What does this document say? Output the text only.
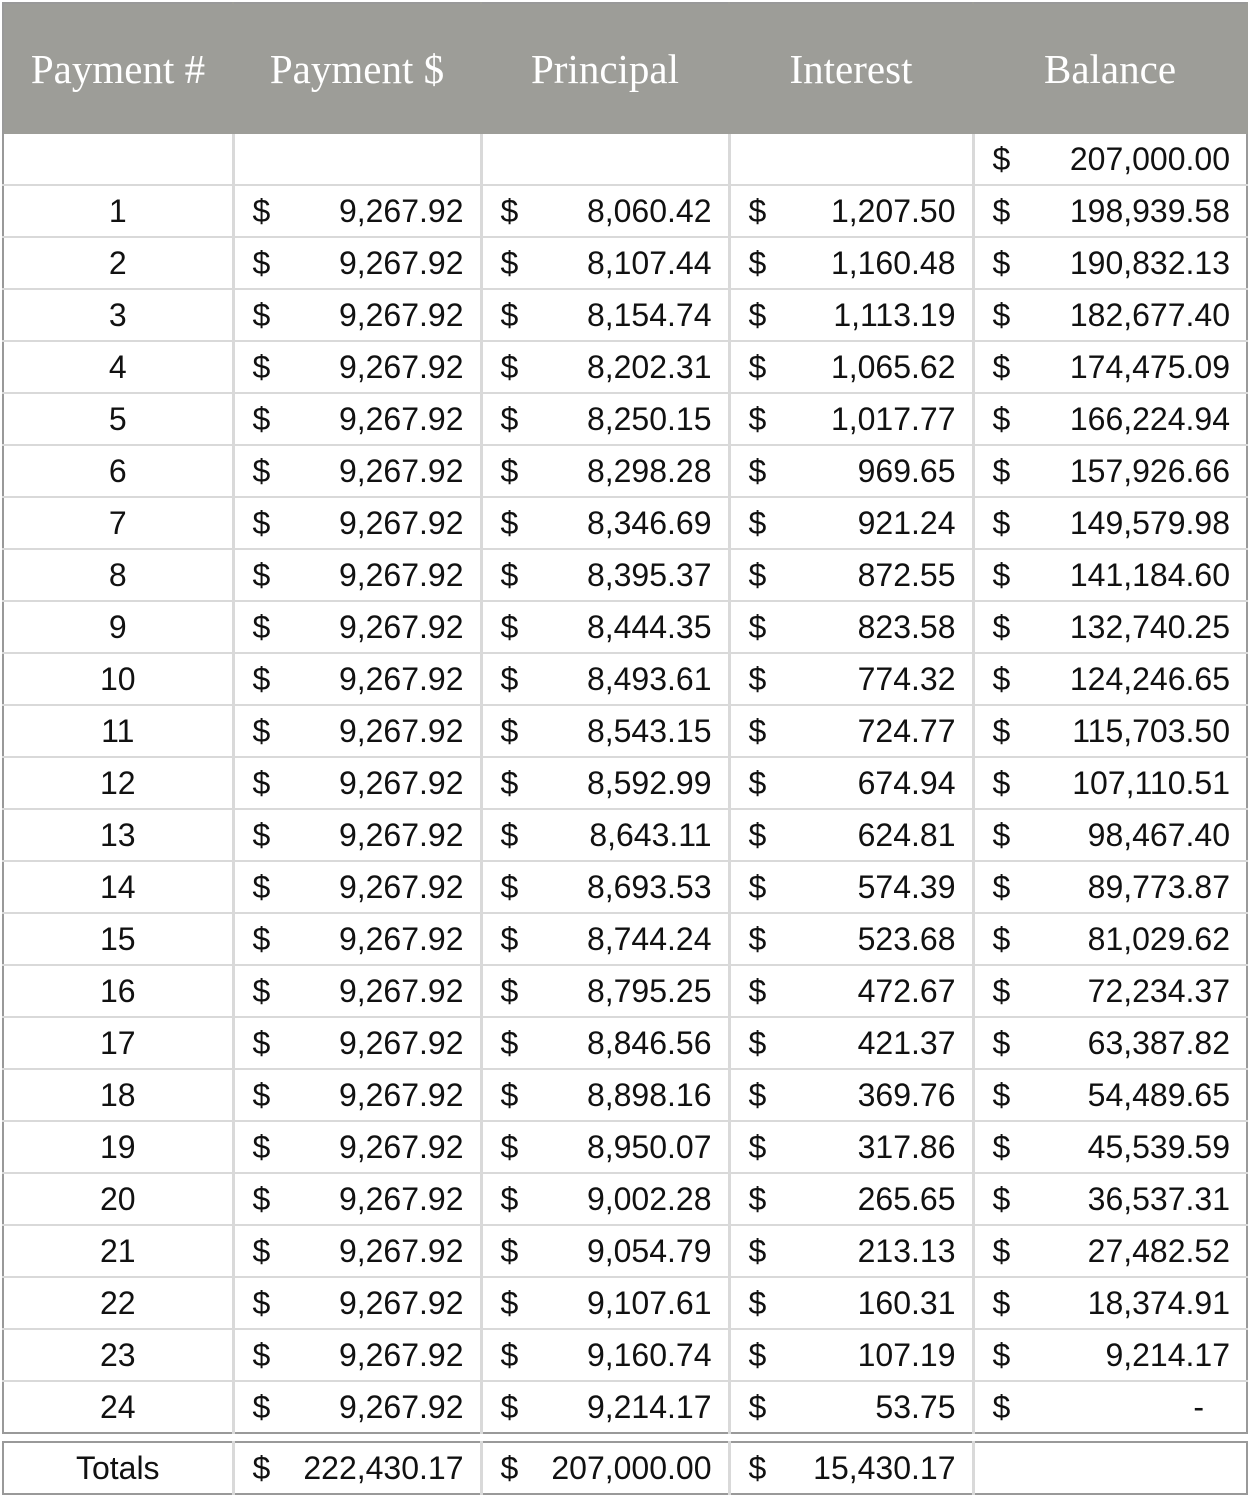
Payment #	Payment $	Principal	Interest	Balance

				$ 207,000.00

1	$ 9,267.92	$ 8,060.42	$ 1,207.50	$ 198,939.58

2	$ 9,267.92	$ 8,107.44	$ 1,160.48	$ 190,832.13

3	$ 9,267.92	$ 8,154.74	$ 1,113.19	$ 182,677.40

4	$ 9,267.92	$ 8,202.31	$ 1,065.62	$ 174,475.09

5	$ 9,267.92	$ 8,250.15	$ 1,017.77	$ 166,224.94

6	$ 9,267.92	$ 8,298.28	$ 969.65	$ 157,926.66

7	$ 9,267.92	$ 8,346.69	$ 921.24	$ 149,579.98

8	$ 9,267.92	$ 8,395.37	$ 872.55	$ 141,184.60

9	$ 9,267.92	$ 8,444.35	$ 823.58	$ 132,740.25

10	$ 9,267.92	$ 8,493.61	$ 774.32	$ 124,246.65

11	$ 9,267.92	$ 8,543.15	$ 724.77	$ 115,703.50

12	$ 9,267.92	$ 8,592.99	$ 674.94	$ 107,110.51

13	$ 9,267.92	$ 8,643.11	$ 624.81	$ 98,467.40

14	$ 9,267.92	$ 8,693.53	$ 574.39	$ 89,773.87

15	$ 9,267.92	$ 8,744.24	$ 523.68	$ 81,029.62

16	$ 9,267.92	$ 8,795.25	$ 472.67	$ 72,234.37

17	$ 9,267.92	$ 8,846.56	$ 421.37	$ 63,387.82

18	$ 9,267.92	$ 8,898.16	$ 369.76	$ 54,489.65

19	$ 9,267.92	$ 8,950.07	$ 317.86	$ 45,539.59

20	$ 9,267.92	$ 9,002.28	$ 265.65	$ 36,537.31

21	$ 9,267.92	$ 9,054.79	$ 213.13	$ 27,482.52

22	$ 9,267.92	$ 9,107.61	$ 160.31	$ 18,374.91

23	$ 9,267.92	$ 9,160.74	$ 107.19	$ 9,214.17

24	$ 9,267.92	$ 9,214.17	$ 53.75	$ -
Totals	$ 222,430.17	$ 207,000.00	$ 15,430.17
